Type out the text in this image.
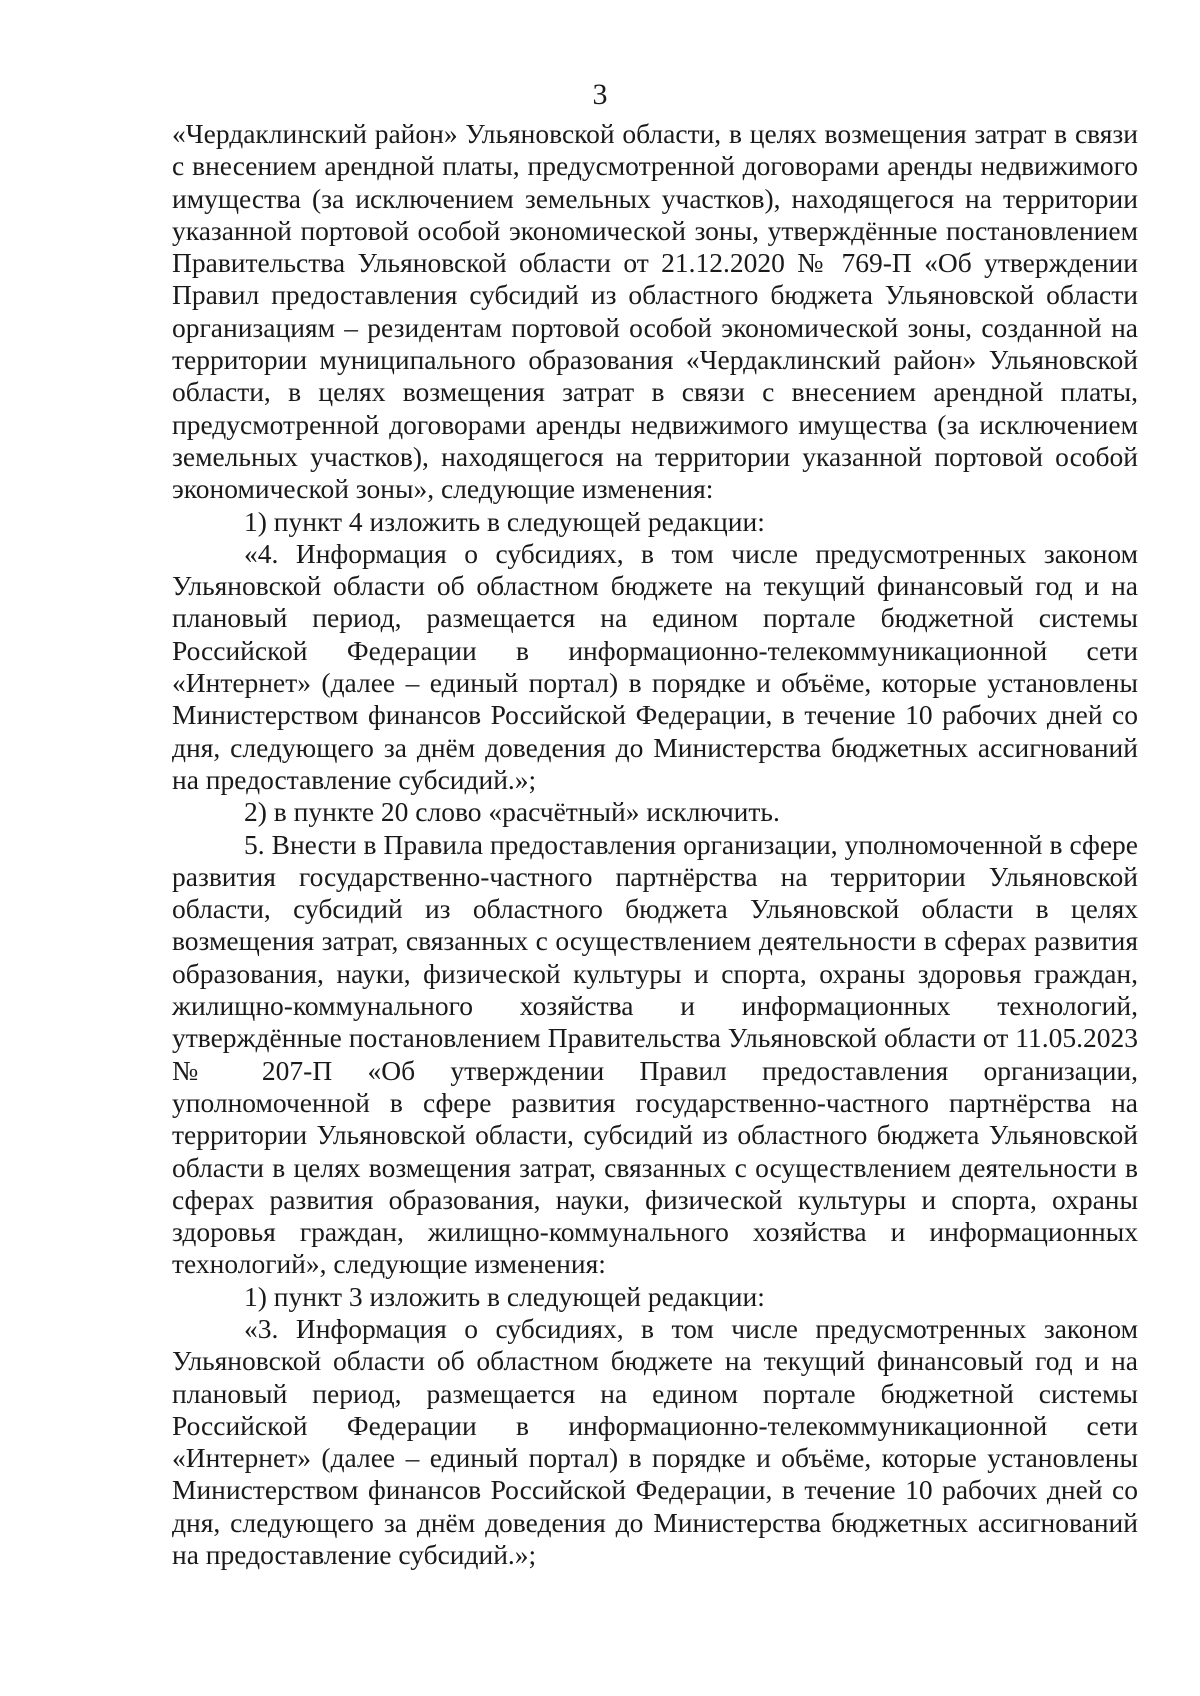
3

«Чердаклинский район» Ульяновской области, в целях возмещения затрат в связи с внесением арендной платы, предусмотренной договорами аренды недвижимого имущества (за исключением земельных участков), находящегося на территории указанной портовой особой экономической зоны, утверждённые постановлением Правительства Ульяновской области от 21.12.2020 № 769-П «Об утверждении Правил предоставления субсидий из областного бюджета Ульяновской области организациям – резидентам портовой особой экономической зоны, созданной на территории муниципального образования «Чердаклинский район» Ульяновской области, в целях возмещения затрат в связи с внесением арендной платы, предусмотренной договорами аренды недвижимого имущества (за исключением земельных участков), находящегося на территории указанной портовой особой экономической зоны», следующие изменения:

1) пункт 4 изложить в следующей редакции:

«4. Информация о субсидиях, в том числе предусмотренных законом Ульяновской области об областном бюджете на текущий финансовый год и на плановый период, размещается на едином портале бюджетной системы Российской Федерации в информационно-телекоммуникационной сети «Интернет» (далее – единый портал) в порядке и объёме, которые установлены Министерством финансов Российской Федерации, в течение 10 рабочих дней со дня, следующего за днём доведения до Министерства бюджетных ассигнований на предоставление субсидий.»;

2) в пункте 20 слово «расчётный» исключить.

5. Внести в Правила предоставления организации, уполномоченной в сфере развития государственно-частного партнёрства на территории Ульяновской области, субсидий из областного бюджета Ульяновской области в целях возмещения затрат, связанных с осуществлением деятельности в сферах развития образования, науки, физической культуры и спорта, охраны здоровья граждан, жилищно-коммунального хозяйства и информационных технологий, утверждённые постановлением Правительства Ульяновской области от 11.05.2023 № 207-П «Об утверждении Правил предоставления организации, уполномоченной в сфере развития государственно-частного партнёрства на территории Ульяновской области, субсидий из областного бюджета Ульяновской области в целях возмещения затрат, связанных с осуществлением деятельности в сферах развития образования, науки, физической культуры и спорта, охраны здоровья граждан, жилищно-коммунального хозяйства и информационных технологий», следующие изменения:

1) пункт 3 изложить в следующей редакции:

«3. Информация о субсидиях, в том числе предусмотренных законом Ульяновской области об областном бюджете на текущий финансовый год и на плановый период, размещается на едином портале бюджетной системы Российской Федерации в информационно-телекоммуникационной сети «Интернет» (далее – единый портал) в порядке и объёме, которые установлены Министерством финансов Российской Федерации, в течение 10 рабочих дней со дня, следующего за днём доведения до Министерства бюджетных ассигнований на предоставление субсидий.»;
